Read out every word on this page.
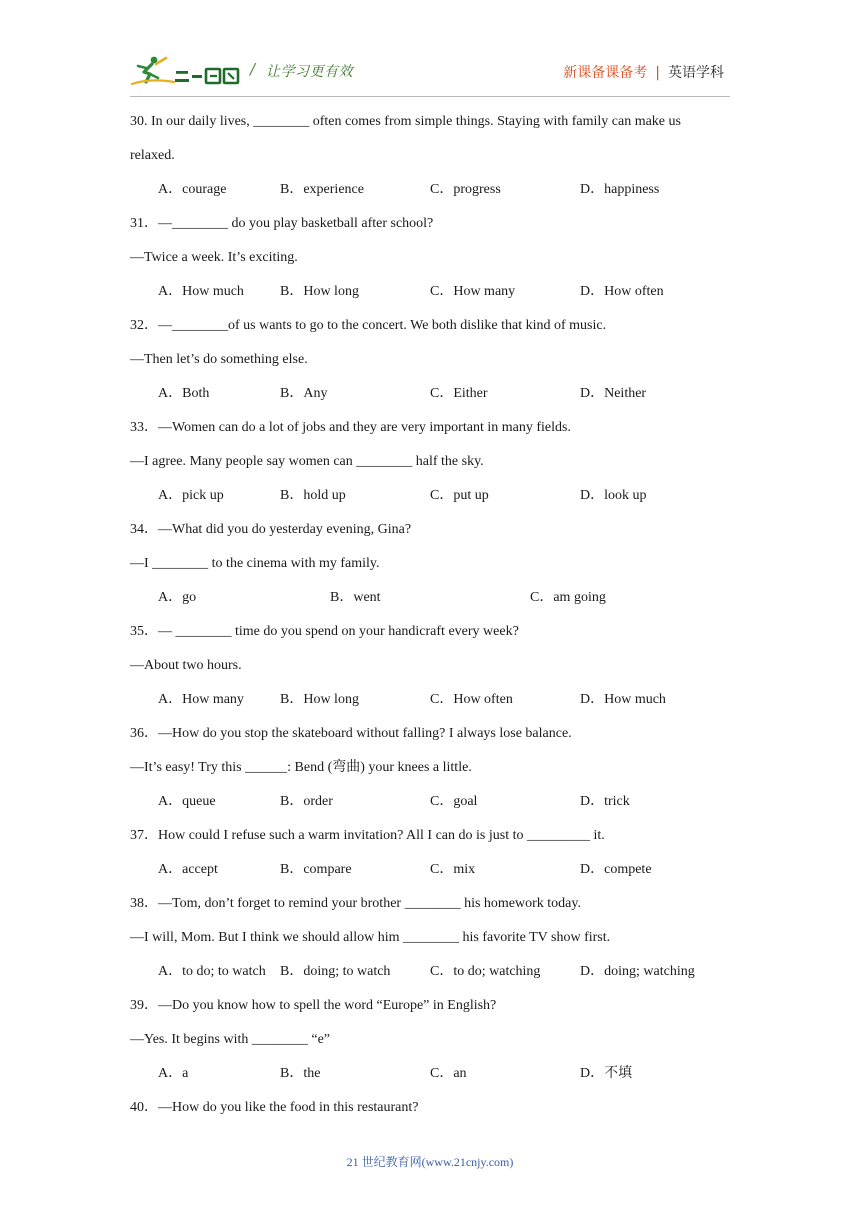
/ 让学习更有效	新课备课备考 | 英语学科
30. In our daily lives, ________ often comes from simple things. Staying with family can make us
relaxed.
A．courage	B．experience	C．progress	D．happiness
31．—________ do you play basketball after school?
—Twice a week. It’s exciting.
A．How much	B．How long	C．How many	D．How often
32．—________of us wants to go to the concert. We both dislike that kind of music.
—Then let’s do something else.
A．Both	B．Any	C．Either	D．Neither
33．—Women can do a lot of jobs and they are very important in many fields.
—I agree. Many people say women can ________ half the sky.
A．pick up	B．hold up	C．put up	D．look up
34．—What did you do yesterday evening, Gina?
—I ________ to the cinema with my family.
A．go	B．went	C．am going
35．— ________ time do you spend on your handicraft every week?
—About two hours.
A．How many	B．How long	C．How often	D．How much
36．—How do you stop the skateboard without falling? I always lose balance.
—It’s easy! Try this ______: Bend (弯曲) your knees a little.
A．queue	B．order	C．goal	D．trick
37．How could I refuse such a warm invitation? All I can do is just to _________ it.
A．accept	B．compare	C．mix	D．compete
38．—Tom, don’t forget to remind your brother ________ his homework today.
—I will, Mom. But I think we should allow him ________ his favorite TV show first.
A．to do; to watch B．doing; to watch	C．to do; watching	D．doing; watching
39．—Do you know how to spell the word “Europe” in English?
—Yes. It begins with ________ “e”
A．a	B．the	C．an	D．不填
40．—How do you like the food in this restaurant?
21 世纪教育网(www.21cnjy.com)
